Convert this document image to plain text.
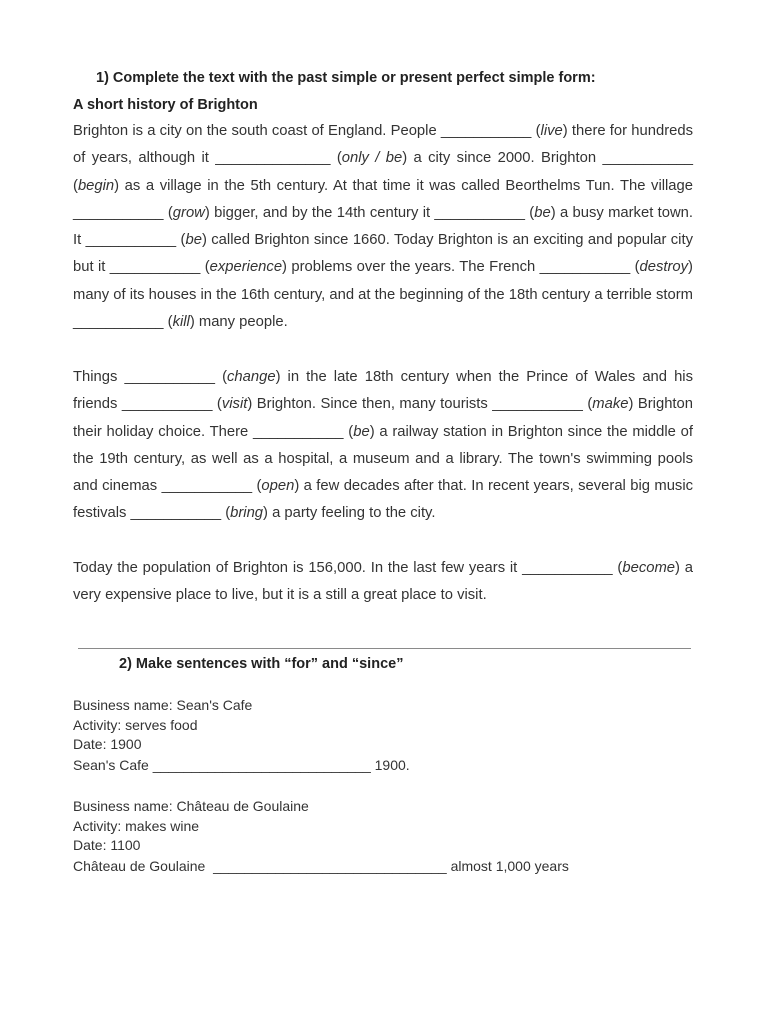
1) Complete the text with the past simple or present perfect simple form:
A short history of Brighton

Brighton is a city on the south coast of England. People ___________ (live) there for hundreds of years, although it ______________ (only / be) a city since 2000. Brighton ___________ (begin) as a village in the 5th century. At that time it was called Beorthelms Tun. The village ___________ (grow) bigger, and by the 14th century it ___________ (be) a busy market town. It ___________ (be) called Brighton since 1660. Today Brighton is an exciting and popular city but it ___________ (experience) problems over the years. The French ___________ (destroy) many of its houses in the 16th century, and at the beginning of the 18th century a terrible storm ___________ (kill) many people.

Things ___________ (change) in the late 18th century when the Prince of Wales and his friends ___________ (visit) Brighton. Since then, many tourists ___________ (make) Brighton their holiday choice. There ___________ (be) a railway station in Brighton since the middle of the 19th century, as well as a hospital, a museum and a library. The town's swimming pools and cinemas ___________ (open) a few decades after that. In recent years, several big music festivals ___________ (bring) a party feeling to the city.

Today the population of Brighton is 156,000. In the last few years it ___________ (become) a very expensive place to live, but it is a still a great place to visit.

2) Make sentences with “for” and “since”
Business name: Sean's Cafe
Activity: serves food
Date: 1900
Sean's Cafe ____________________________ 1900.
Business name: Château de Goulaine
Activity: makes wine
Date: 1100
Château de Goulaine  ______________________________ almost 1,000 years
